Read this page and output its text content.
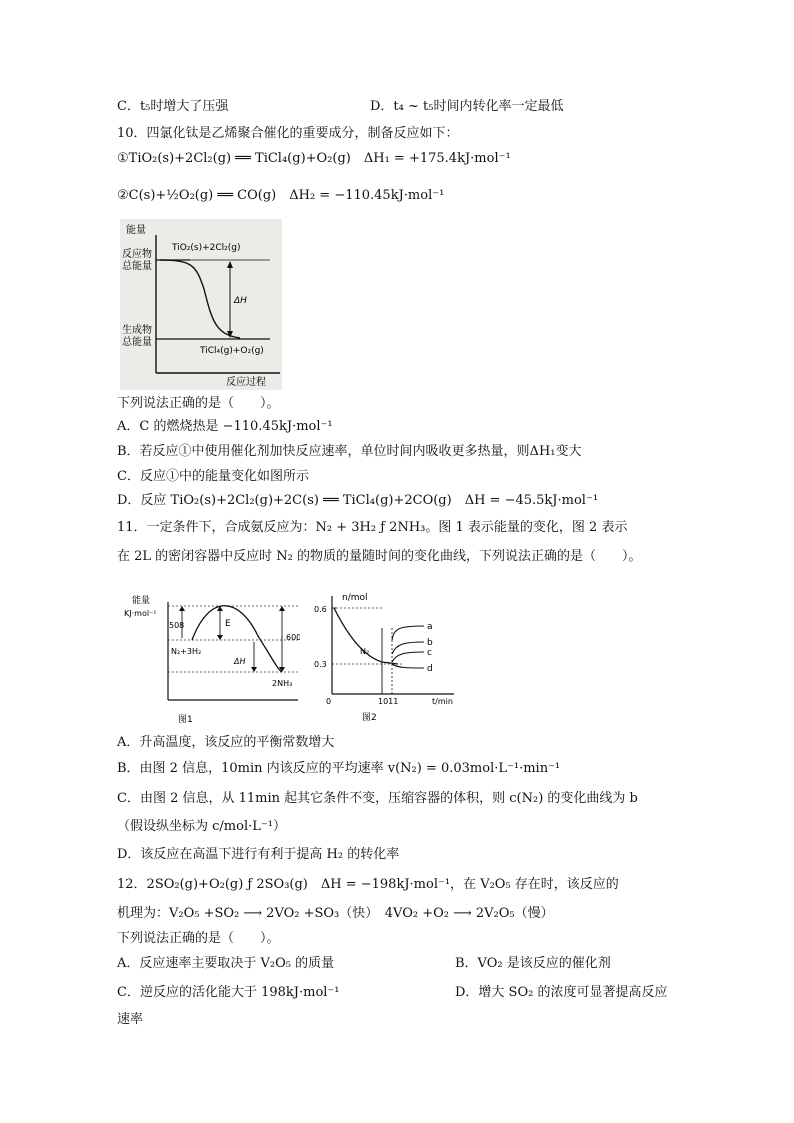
C．t₅时增大了压强	D．t₄ ~ t₅时间内转化率一定最低
10．四氯化钛是乙烯聚合催化的重要成分，制备反应如下：
①TiO₂(s)+2Cl₂(g) ══ TiCl₄(g)+O₂(g)　ΔH₁ = +175.4kJ·mol⁻¹
②C(s)+½O₂(g) ══ CO(g)　ΔH₂ = −110.45kJ·mol⁻¹
能量
反应物
总能量
TiO₂(s)+2Cl₂(g)
ΔH
生成物
总能量
TiCl₄(g)+O₂(g)
反应过程
下列说法正确的是（　　）。
A．C 的燃烧热是 −110.45kJ·mol⁻¹
B．若反应①中使用催化剂加快反应速率，单位时间内吸收更多热量，则ΔH₁变大
C．反应①中的能量变化如图所示
D．反应 TiO₂(s)+2Cl₂(g)+2C(s) ══ TiCl₄(g)+2CO(g)　ΔH = −45.5kJ·mol⁻¹
11．一定条件下，合成氨反应为：N₂ + 3H₂ ƒ 2NH₃。图 1 表示能量的变化，图 2 表示
在 2L 的密闭容器中反应时 N₂ 的物质的量随时间的变化曲线，下列说法正确的是（　　）。
能量
KJ·mol⁻¹
508	E
600
N₂+3H₂
ΔH
2NH₃
图1
n/mol
0.6
0.3
N₂
a
b
c
d
0	1011	t/min
图2
A．升高温度，该反应的平衡常数增大
B．由图 2 信息，10min 内该反应的平均速率 v(N₂) = 0.03mol·L⁻¹·min⁻¹
C．由图 2 信息，从 11min 起其它条件不变，压缩容器的体积，则 c(N₂) 的变化曲线为 b
（假设纵坐标为 c/mol·L⁻¹）
D．该反应在高温下进行有利于提高 H₂ 的转化率
12．2SO₂(g)+O₂(g) ƒ 2SO₃(g)　ΔH = −198kJ·mol⁻¹，在 V₂O₅ 存在时，该反应的
机理为：V₂O₅ +SO₂ ⟶ 2VO₂ +SO₃（快）　4VO₂ +O₂ ⟶ 2V₂O₅（慢）
下列说法正确的是（　　）。
A．反应速率主要取决于 V₂O₅ 的质量	B．VO₂ 是该反应的催化剂
C．逆反应的活化能大于 198kJ·mol⁻¹	D．增大 SO₂ 的浓度可显著提高反应
速率
